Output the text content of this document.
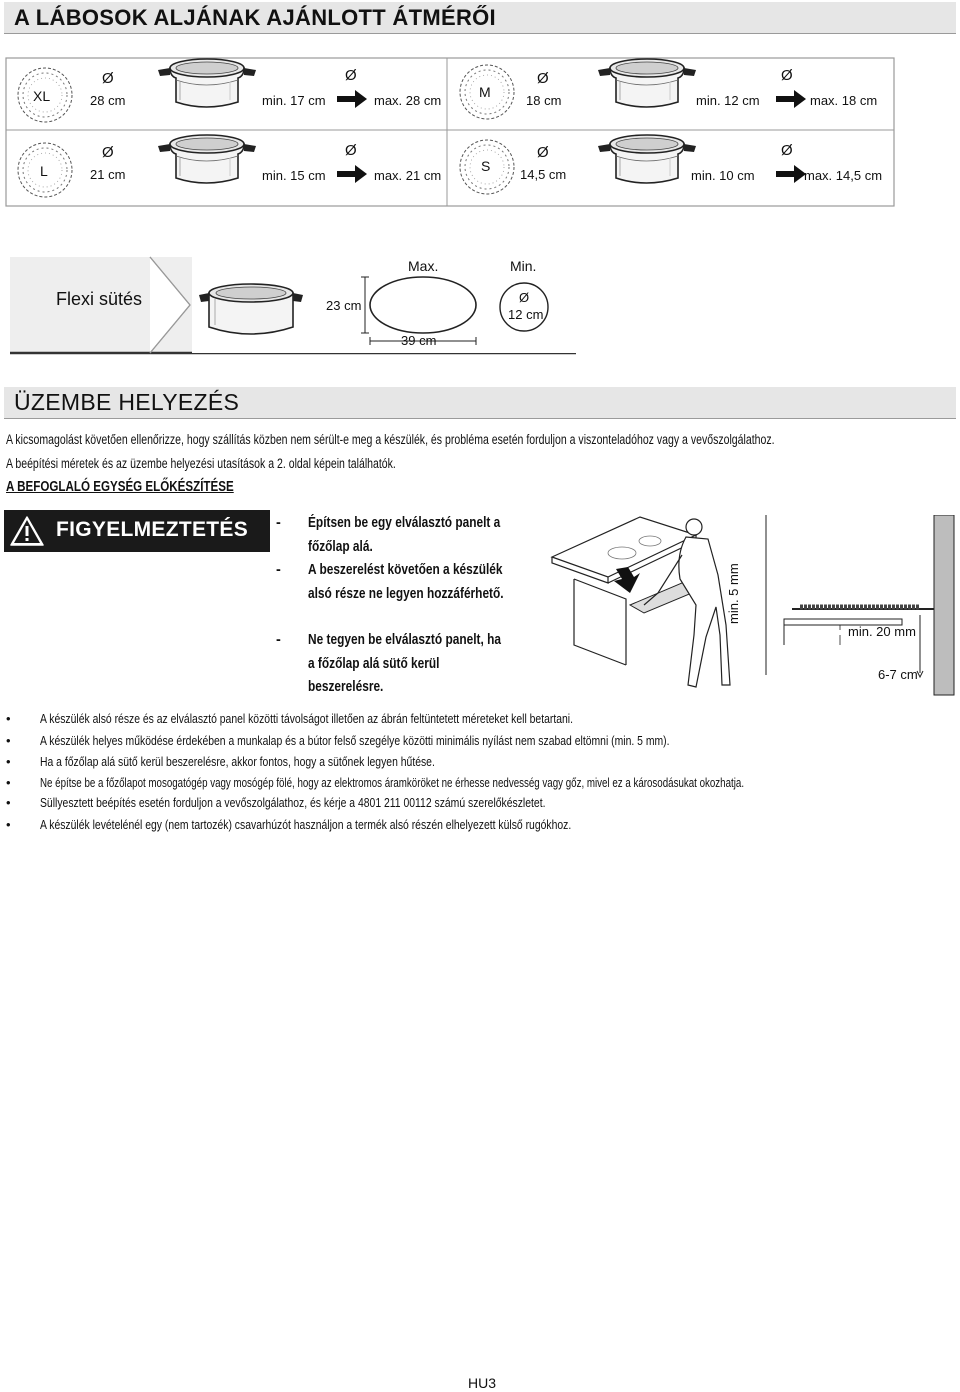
A LÁBOSOK ALJÁNAK AJÁNLOTT ÁTMÉRŐI
XL
Ø
28 cm
Ø
min. 17 cm	max. 28 cm
M
Ø
18 cm
Ø
min. 12 cm	max. 18 cm
L
Ø
21 cm
Ø
min. 15 cm	max. 21 cm
S
Ø
14,5 cm
Ø
min. 10 cm	max. 14,5 cm
Flexi sütés
Max.	Min.
23 cm
39 cm
Ø
12 cm
ÜZEMBE HELYEZÉS
A kicsomagolást követően ellenőrizze, hogy szállítás közben nem sérült-e meg a készülék, és probléma esetén forduljon a viszonteladóhoz vagy a vevőszolgálathoz.
A beépítési méretek és az üzembe helyezési utasítások a 2. oldal képein találhatók.
A BEFOGLALÓ EGYSÉG ELŐKÉSZÍTÉSE
FIGYELMEZTETÉS - Építsen be egy elválasztó panelt a főzőlap alá.
- A beszerelést követően a készülék alsó része ne legyen hozzáférhető.
- Ne tegyen be elválasztó panelt, ha a főzőlap alá sütő kerül beszerelésre.
min. 5 mm
min. 20 mm
6-7 cm
• A készülék alsó része és az elválasztó panel közötti távolságot illetően az ábrán feltüntetett méreteket kell betartani.
• A készülék helyes működése érdekében a munkalap és a bútor felső szegélye közötti minimális nyílást nem szabad eltömni (min. 5 mm).
• Ha a főzőlap alá sütő kerül beszerelésre, akkor fontos, hogy a sütőnek legyen hűtése.
• Ne építse be a főzőlapot mosogatógép vagy mosógép fölé, hogy az elektromos áramköröket ne érhesse nedvesség vagy gőz, mivel ez a károsodásukat okozhatja.
• Süllyesztett beépítés esetén forduljon a vevőszolgálathoz, és kérje a 4801 211 00112 számú szerelőkészletet.
• A készülék levételénél egy (nem tartozék) csavarhúzót használjon a termék alsó részén elhelyezett külső rugókhoz.
HU3
